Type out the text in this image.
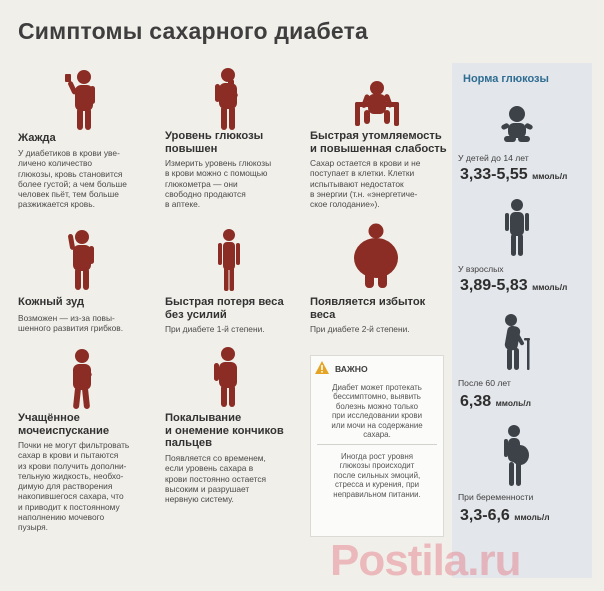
Симптомы сахарного диабета
Жажда
У диабетиков в крови уве-
личено количество
глюкозы, кровь становится
более густой; а чем больше
человек пьёт, тем больше
разжижается кровь.
Уровень глюкозы
повышен
Измерить уровень глюкозы
в крови можно с помощью
глюкометра — они
свободно продаются
в аптеке.
Быстрая утомляемость
и повышенная слабость
Сахар остается в крови и не
поступает в клетки. Клетки
испытывают недостаток
в энергии (т.н. «энергетиче-
ское голодание»).
Кожный зуд
Возможен — из-за повы-
шенного развития грибков.
Быстрая потеря веса
без усилий
При диабете 1-й степени.
Появляется избыток
веса
При диабете 2-й степени.
Учащённое
мочеиспускание
Почки не могут фильтровать
сахар в крови и пытаются
из крови получить дополни-
тельную жидкость, необхо-
димую для растворения
накопившегося сахара, что
и приводит к постоянному
наполнению мочевого
пузыря.
Покалывание
и онемение кончиков
пальцев
Появляется со временем,
если уровень сахара в
крови постоянно остается
высоким и разрушает
нервную систему.
ВАЖНО
Диабет может протекать
бессимптомно, выявить
болезнь можно только
при исследовании крови
или мочи на содержание
сахара.
Иногда рост уровня
глюкозы происходит
после сильных эмоций,
стресса и курения, при
неправильном питании.
Норма глюкозы
У детей до 14 лет
3,33-5,55 ммоль/л
У взрослых
3,89-5,83 ммоль/л
После 60 лет
6,38 ммоль/л
При беременности
3,3-6,6 ммоль/л
Postila.ru
